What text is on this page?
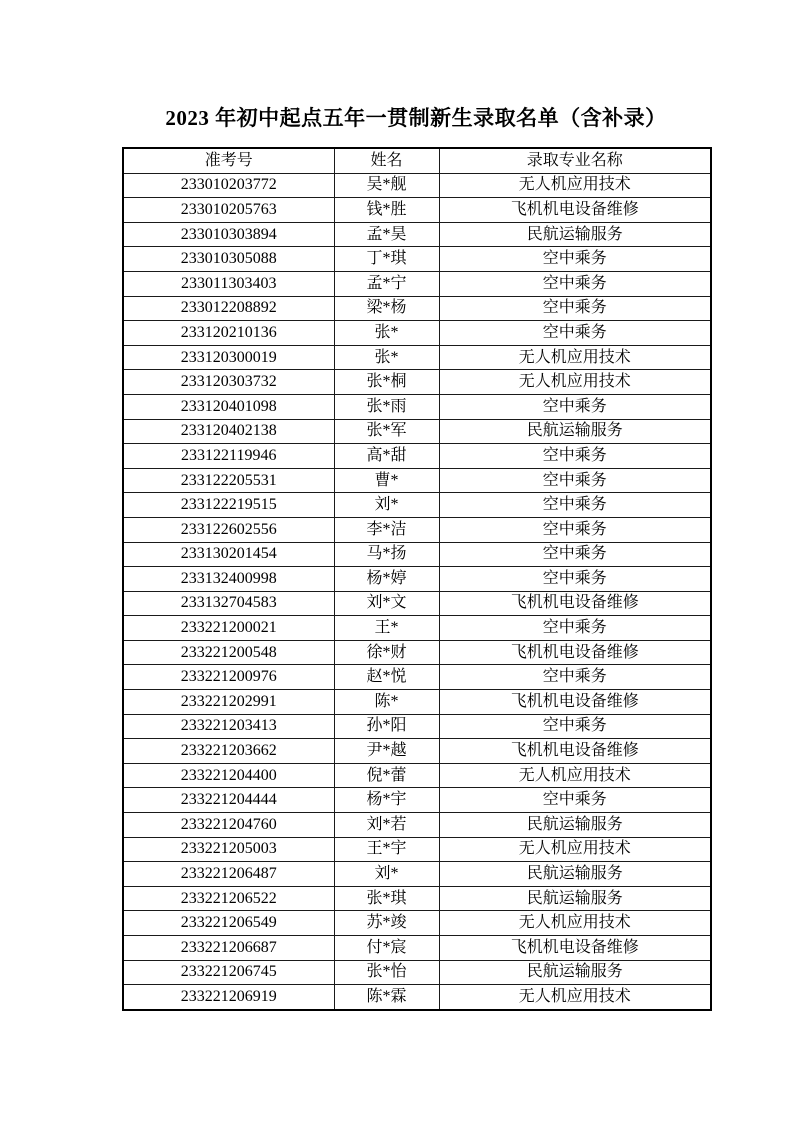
2023 年初中起点五年一贯制新生录取名单（含补录）
准考号	姓名	录取专业名称
233010203772	吴*舰	无人机应用技术
233010205763	钱*胜	飞机机电设备维修
233010303894	孟*昊	民航运输服务
233010305088	丁*琪	空中乘务
233011303403	孟*宁	空中乘务
233012208892	梁*杨	空中乘务
233120210136	张*	空中乘务
233120300019	张*	无人机应用技术
233120303732	张*桐	无人机应用技术
233120401098	张*雨	空中乘务
233120402138	张*军	民航运输服务
233122119946	高*甜	空中乘务
233122205531	曹*	空中乘务
233122219515	刘*	空中乘务
233122602556	李*洁	空中乘务
233130201454	马*扬	空中乘务
233132400998	杨*婷	空中乘务
233132704583	刘*文	飞机机电设备维修
233221200021	王*	空中乘务
233221200548	徐*财	飞机机电设备维修
233221200976	赵*悦	空中乘务
233221202991	陈*	飞机机电设备维修
233221203413	孙*阳	空中乘务
233221203662	尹*越	飞机机电设备维修
233221204400	倪*蕾	无人机应用技术
233221204444	杨*宇	空中乘务
233221204760	刘*若	民航运输服务
233221205003	王*宇	无人机应用技术
233221206487	刘*	民航运输服务
233221206522	张*琪	民航运输服务
233221206549	苏*竣	无人机应用技术
233221206687	付*宸	飞机机电设备维修
233221206745	张*怡	民航运输服务
233221206919	陈*霖	无人机应用技术
